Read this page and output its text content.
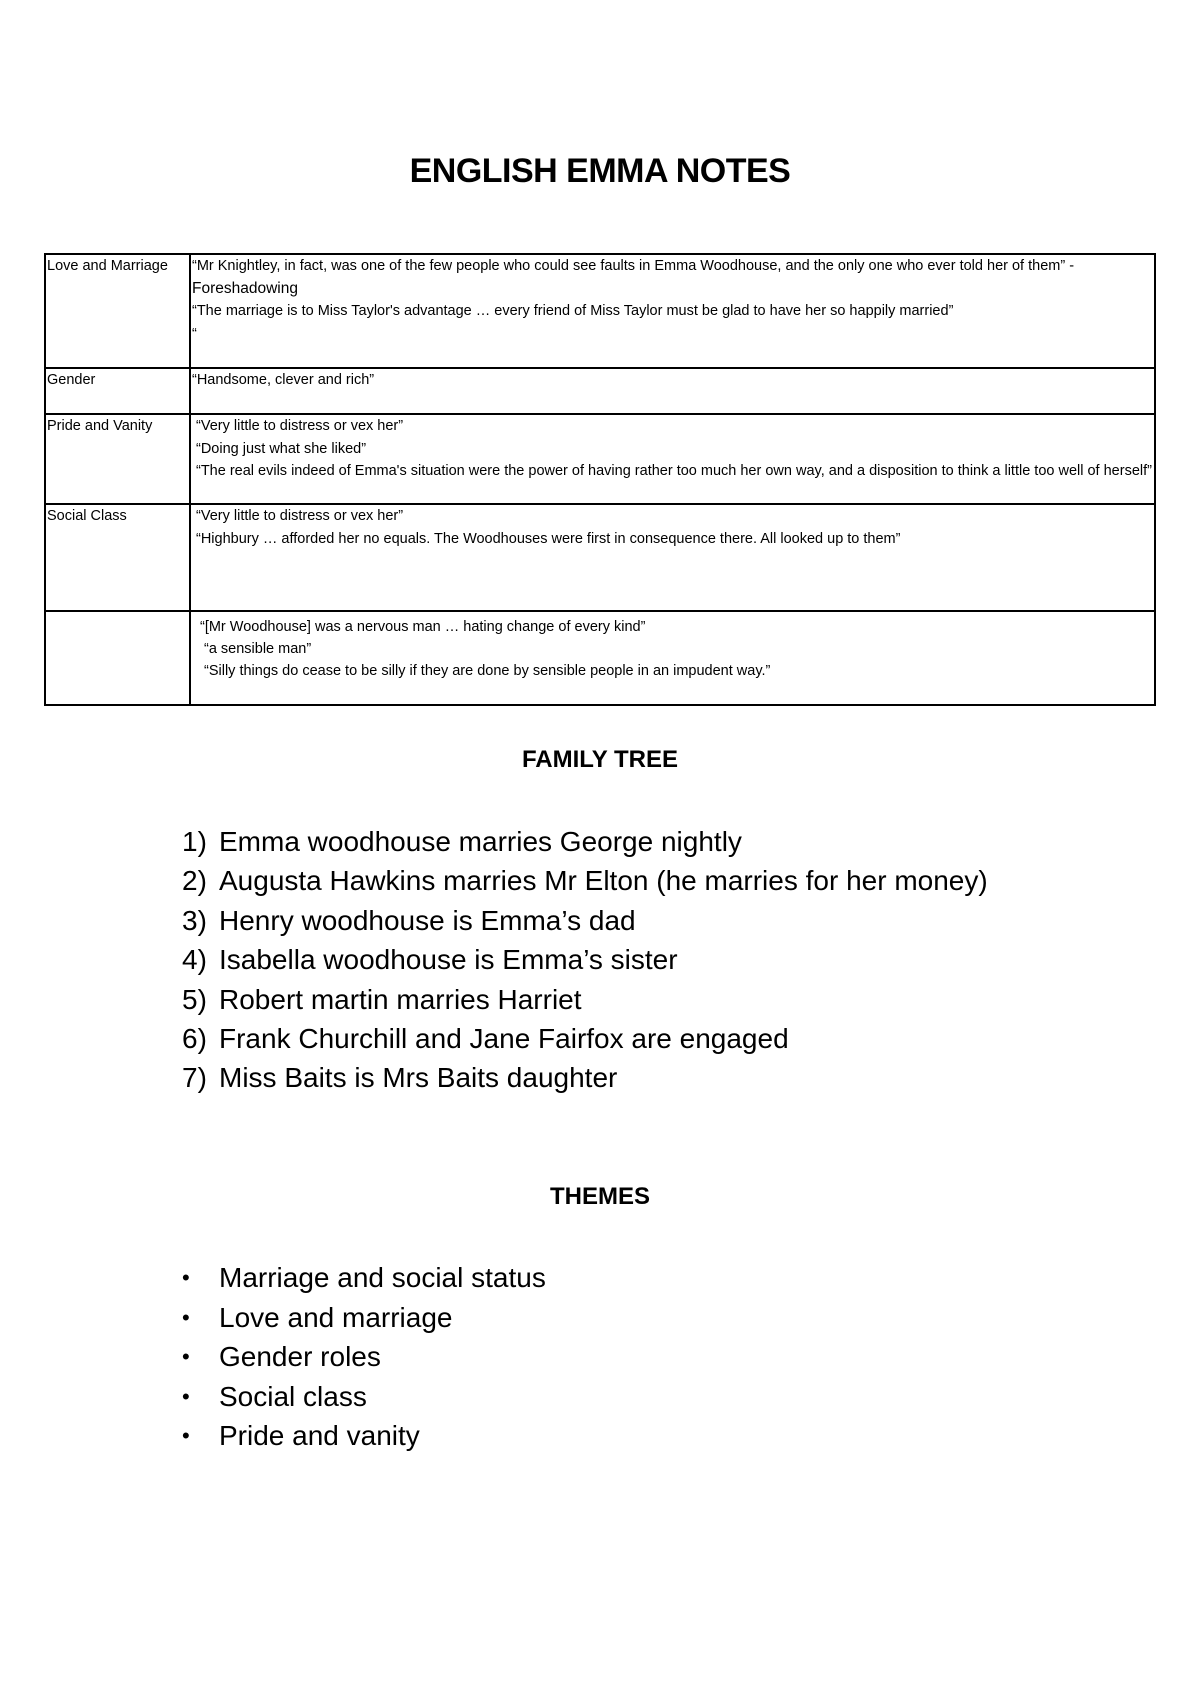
ENGLISH EMMA NOTES
Love and Marriage	“Mr Knightley, in fact, was one of the few people who could see faults in Emma Woodhouse, and the only one who ever told her of them” - Foreshadowing
“The marriage is to Miss Taylor's advantage … every friend of Miss Taylor must be glad to have her so happily married”
“

Gender	“Handsome, clever and rich”

Pride and Vanity	“Very little to distress or vex her”
“Doing just what she liked”
“The real evils indeed of Emma's situation were the power of having rather too much her own way, and a disposition to think a little too well of herself”

Social Class	“Very little to distress or vex her”
“Highbury … afforded her no equals. The Woodhouses were first in consequence there. All looked up to them”

	“[Mr Woodhouse] was a nervous man … hating change of every kind”
“a sensible man”
“Silly things do cease to be silly if they are done by sensible people in an impudent way.”
FAMILY TREE
1) Emma woodhouse marries George nightly
2) Augusta Hawkins marries Mr Elton (he marries for her money)
3) Henry woodhouse is Emma’s dad
4) Isabella woodhouse is Emma’s sister
5) Robert martin marries Harriet
6) Frank Churchill and Jane Fairfox are engaged
7) Miss Baits is Mrs Baits daughter
THEMES
• Marriage and social status
• Love and marriage
• Gender roles
• Social class
• Pride and vanity
